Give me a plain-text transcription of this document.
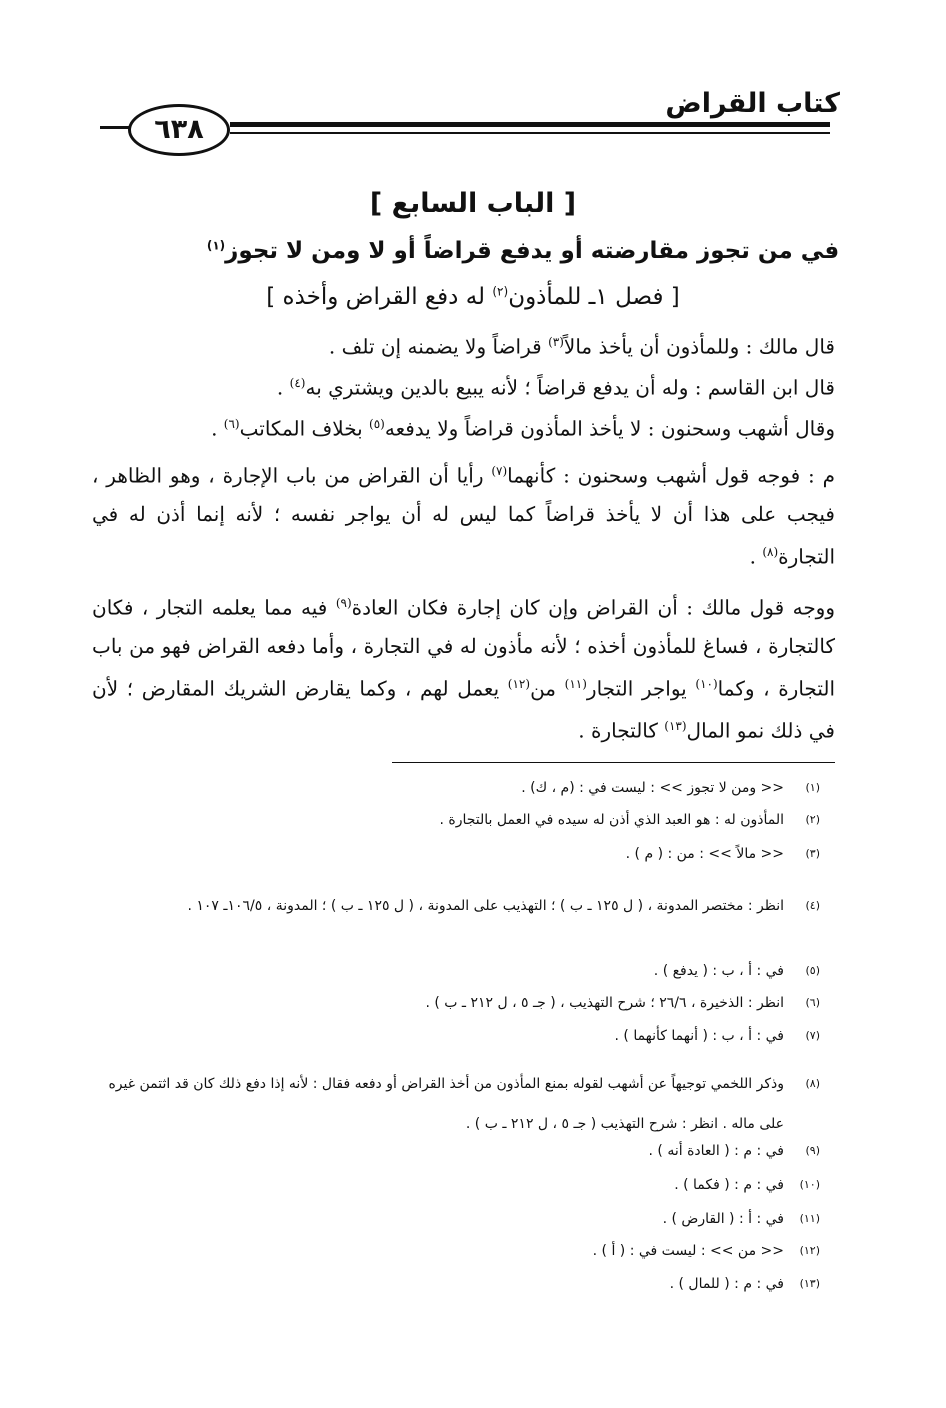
٦٣٨
كتاب القراض
[ الباب السابع ]
في من تجوز مقارضته أو يدفع قراضاً أو لا ومن لا تجوز$^{(١)}$
[ فصل ١ـ للمأذون$^{(٢)}$ له دفع القراض وأخذه ]
قال مالك : وللمأذون أن يأخذ مالاً$^{(٣)}$ قراضاً ولا يضمنه إن تلف .
قال ابن القاسم : وله أن يدفع قراضاً ؛ لأنه يبيع بالدين ويشتري به$^{(٤)}$ .
وقال أشهب وسحنون : لا يأخذ المأذون قراضاً ولا يدفعه$^{(٥)}$ بخلاف المكاتب$^{(٦)}$ .
م : فوجه قول أشهب وسحنون : كأنهما$^{(٧)}$ رأيا أن القراض من باب الإجارة ، وهو الظاهر ، فيجب على هذا أن لا يأخذ قراضاً كما ليس له أن يواجر نفسه ؛ لأنه إنما أذن له في التجارة$^{(٨)}$ .
ووجه قول مالك : أن القراض وإن كان إجارة فكان العادة$^{(٩)}$ فيه مما يعلمه التجار ، فكان كالتجارة ، فساغ للمأذون أخذه ؛ لأنه مأذون له في التجارة ، وأما دفعه القراض فهو من باب التجارة ، وكما$^{(١٠)}$ يواجر التجار$^{(١١)}$ من$^{(١٢)}$ يعمل لهم ، وكما يقارض الشريك المقارض ؛ لأن في ذلك نمو المال$^{(١٣)}$ كالتجارة .
(١)
<< ومن لا تجوز >> : ليست في : (م ، ك) .
(٢)
المأذون له : هو العبد الذي أذن له سيده في العمل بالتجارة .
(٣)
<< مالاً >> : من : ( م ) .
(٤)
انظر : مختصر المدونة ، ( ل ١٢٥ ـ ب ) ؛ التهذيب على المدونة ، ( ل ١٢٥ ـ ب ) ؛ المدونة ، ١٠٦/٥ـ ١٠٧ .
(٥)
في : أ ، ب : ( يدفع ) .
(٦)
انظر : الذخيرة ، ٢٦/٦ ؛ شرح التهذيب ، ( جـ ٥ ، ل ٢١٢ ـ ب ) .
(٧)
في : أ ، ب : ( أنهما كأنهما ) .
(٨)
وذكر اللخمي توجيهاً عن أشهب لقوله بمنع المأذون من أخذ القراض أو دفعه فقال : لأنه إذا دفع ذلك كان قد اثتمن غيره على ماله . انظر : شرح التهذيب ( جـ ٥ ، ل ٢١٢ ـ ب ) .
(٩)
في : م : ( العادة أنه ) .
(١٠)
في : م : ( فكما ) .
(١١)
في : أ : ( القارض ) .
(١٢)
<< من >> : ليست في : ( أ ) .
(١٣)
في : م : ( للمال ) .
